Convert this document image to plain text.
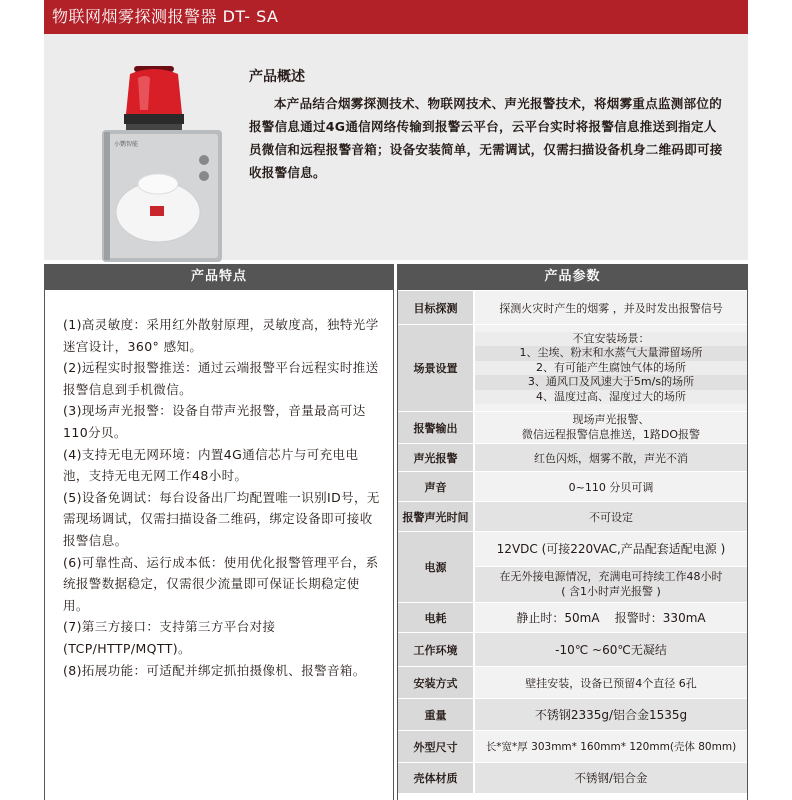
物联网烟雾探测报警器 DT- SA
小鹦智能
产品概述
本产品结合烟雾探测技术、物联网技术、声光报警技术，将烟雾重点监测部位的报警信息通过4G通信网络传输到报警云平台，云平台实时将报警信息推送到指定人员微信和远程报警音箱；设备安装简单，无需调试，仅需扫描设备机身二维码即可接收报警信息。
产品特点

(1)高灵敏度：采用红外散射原理，灵敏度高，独特光学迷宫设计，360° 感知。

(2)远程实时报警推送：通过云端报警平台远程实时推送报警信息到手机微信。

(3)现场声光报警：设备自带声光报警，音量最高可达110分贝。

(4)支持无电无网环境：内置4G通信芯片与可充电电池，支持无电无网工作48小时。

(5)设备免调试：每台设备出厂均配置唯一识别ID号，无需现场调试，仅需扫描设备二维码，绑定设备即可接收报警信息。

(6)可靠性高、运行成本低：使用优化报警管理平台，系统报警数据稳定，仅需很少流量即可保证长期稳定使用。

(7)第三方接口：支持第三方平台对接(TCP/HTTP/MQTT)。

(8)拓展功能：可适配并绑定抓拍摄像机、报警音箱。

产品参数
目标探测	探测火灾时产生的烟雾 ，并及时发出报警信号
场景设置	不宜安装场景：
1、尘埃、粉末和水蒸气大量滞留场所
2、有可能产生腐蚀气体的场所
3、通风口及风速大于5m/s的场所
4、温度过高、湿度过大的场所

报警输出	现场声光报警、
微信远程报警信息推送，1路DO报警

声光报警	红色闪烁，烟雾不散，声光不消
声音	0~110 分贝可调
报警声光时间	不可设定
电源	12VDC (可接220VAC,产品配套适配电源 )
在无外接电源情况，充满电可持续工作48小时
( 含1小时声光报警 )

电耗	静止时：50mA    报警时：330mA
工作环境	-10℃ ~60℃无凝结
安装方式	壁挂安装，设备已预留4个直径 6孔
重量	不锈钢2335g/铝合金1535g
外型尺寸	长*宽*厚 303mm* 160mm* 120mm(壳体 80mm)
壳体材质	不锈钢/铝合金
